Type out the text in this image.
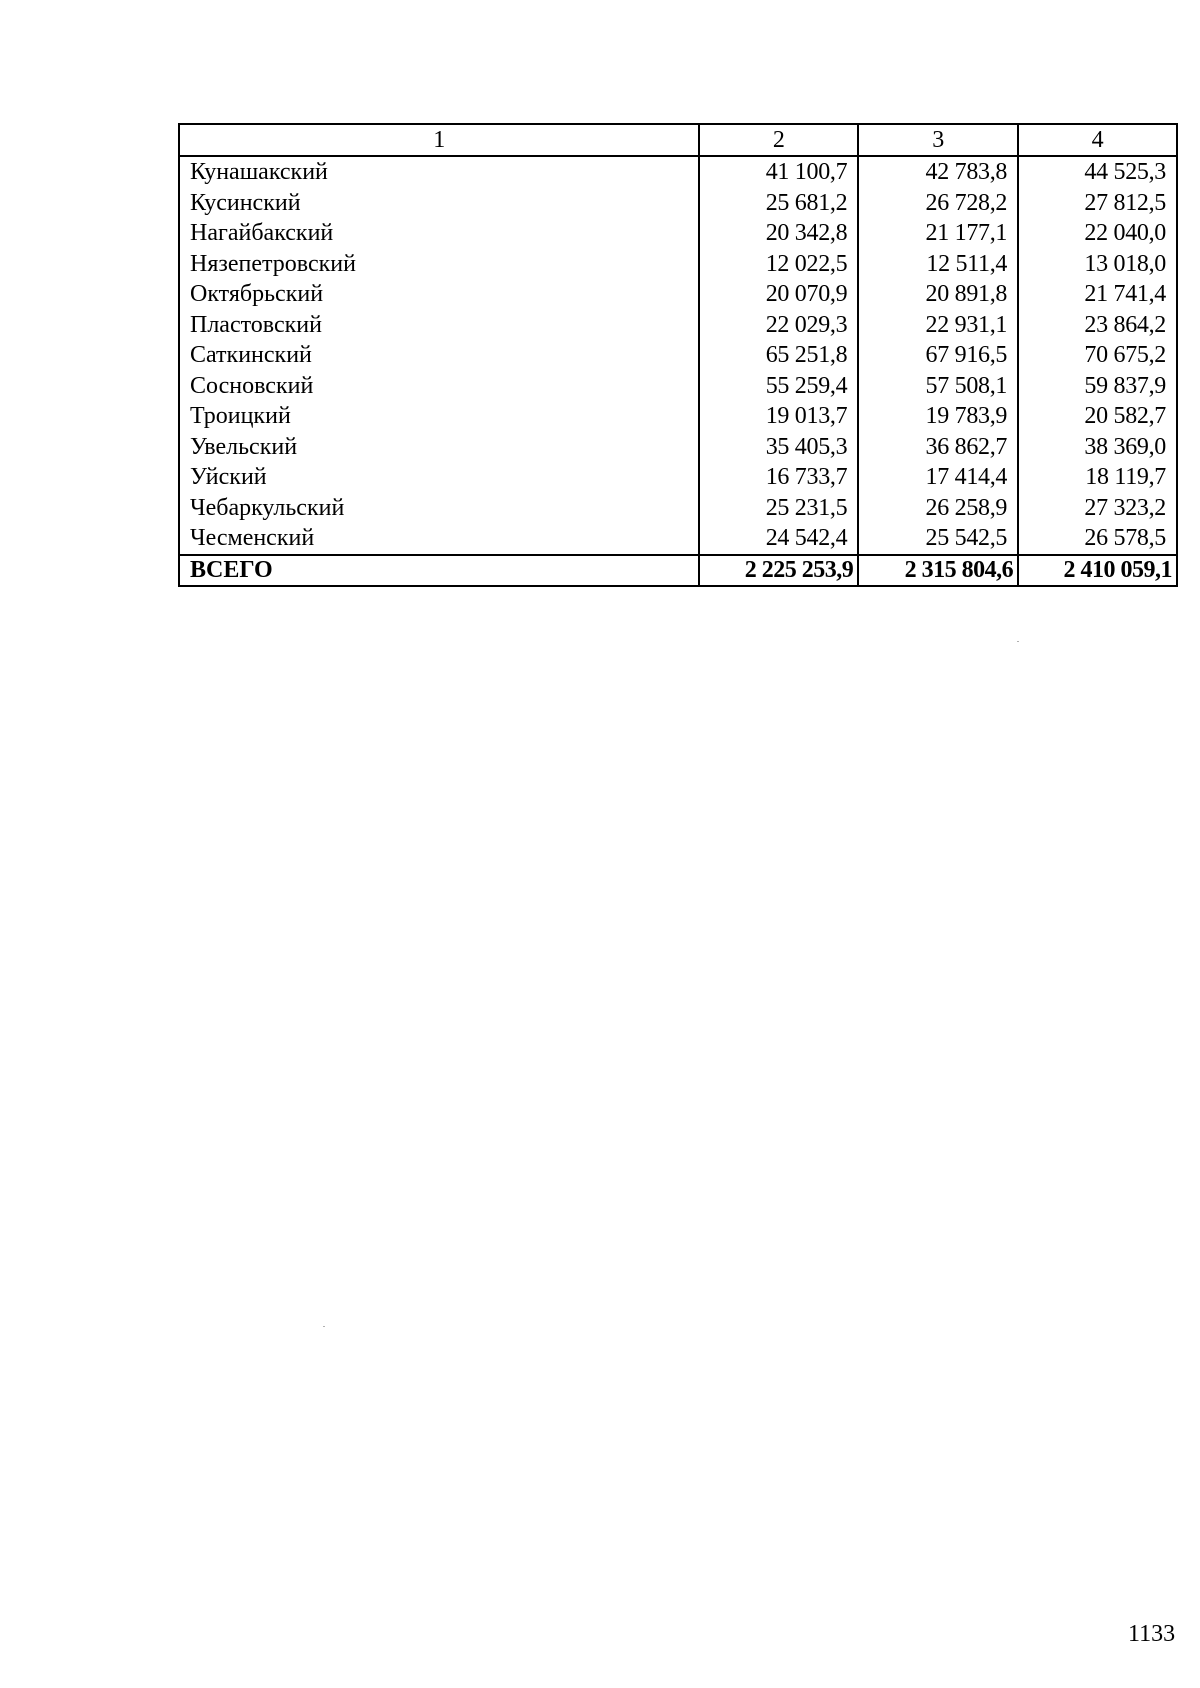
1	2	3	4
Кунашакский	41 100,7	42 783,8	44 525,3
Кусинский	25 681,2	26 728,2	27 812,5
Нагайбакский	20 342,8	21 177,1	22 040,0
Нязепетровский	12 022,5	12 511,4	13 018,0
Октябрьский	20 070,9	20 891,8	21 741,4
Пластовский	22 029,3	22 931,1	23 864,2
Саткинский	65 251,8	67 916,5	70 675,2
Сосновский	55 259,4	57 508,1	59 837,9
Троицкий	19 013,7	19 783,9	20 582,7
Увельский	35 405,3	36 862,7	38 369,0
Уйский	16 733,7	17 414,4	18 119,7
Чебаркульский	25 231,5	26 258,9	27 323,2
Чесменский	24 542,4	25 542,5	26 578,5
ВСЕГО	2 225 253,9	2 315 804,6	2 410 059,1
1133
